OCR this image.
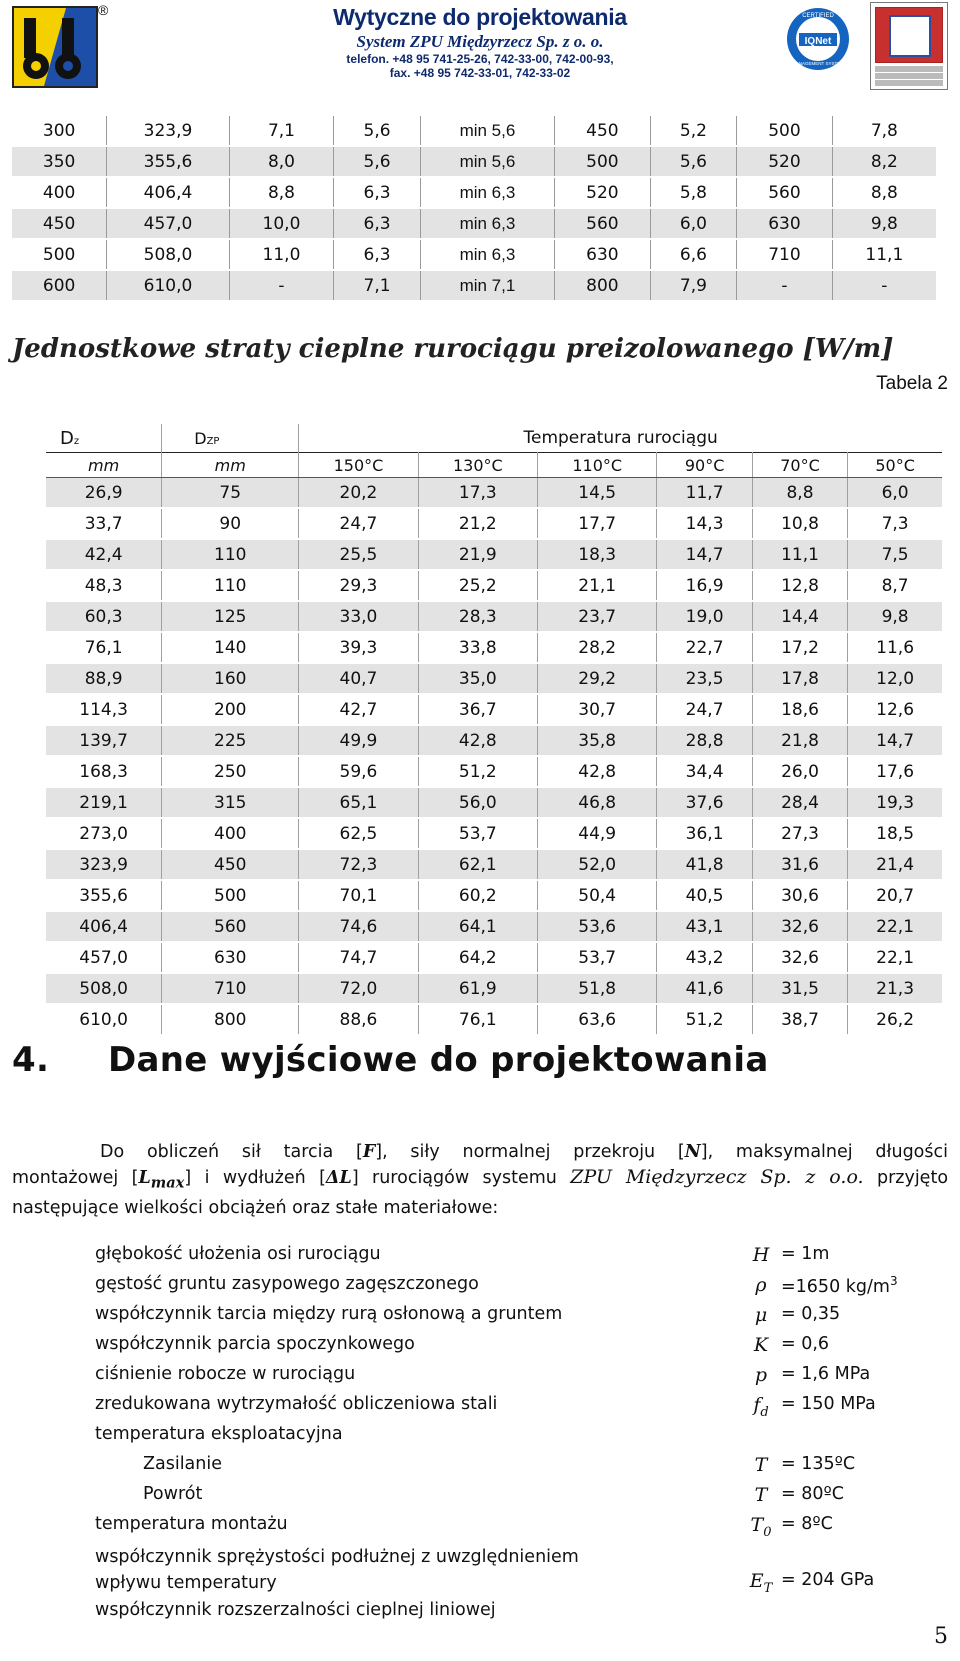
®	Wytyczne do projektowania
System ZPU Międzyrzecz Sp. z o. o.
telefon. +48 95 741-25-26, 742-33-00, 742-00-93,
fax. +48 95 742-33-01, 742-33-02
IQNet
CERTIFIED
MANAGEMENT SYSTEM
300	323,9	7,1	5,6	min 5,6	450	5,2	500	7,8
350	355,6	8,0	5,6	min 5,6	500	5,6	520	8,2
400	406,4	8,8	6,3	min 6,3	520	5,8	560	8,8
450	457,0	10,0	6,3	min 6,3	560	6,0	630	9,8
500	508,0	11,0	6,3	min 6,3	630	6,6	710	11,1
600	610,0	-	7,1	min 7,1	800	7,9	-	-
Jednostkowe straty cieplne rurociągu preizolowanego [W/m]
Tabela 2
Dz	DZP	Temperatura rurociągu					
mm	mm	150°C	130°C	110°C	90°C	70°C	50°C
26,9	75	20,2	17,3	14,5	11,7	8,8	6,0
33,7	90	24,7	21,2	17,7	14,3	10,8	7,3
42,4	110	25,5	21,9	18,3	14,7	11,1	7,5
48,3	110	29,3	25,2	21,1	16,9	12,8	8,7
60,3	125	33,0	28,3	23,7	19,0	14,4	9,8
76,1	140	39,3	33,8	28,2	22,7	17,2	11,6
88,9	160	40,7	35,0	29,2	23,5	17,8	12,0
114,3	200	42,7	36,7	30,7	24,7	18,6	12,6
139,7	225	49,9	42,8	35,8	28,8	21,8	14,7
168,3	250	59,6	51,2	42,8	34,4	26,0	17,6
219,1	315	65,1	56,0	46,8	37,6	28,4	19,3
273,0	400	62,5	53,7	44,9	36,1	27,3	18,5
323,9	450	72,3	62,1	52,0	41,8	31,6	21,4
355,6	500	70,1	60,2	50,4	40,5	30,6	20,7
406,4	560	74,6	64,1	53,6	43,1	32,6	22,1
457,0	630	74,7	64,2	53,7	43,2	32,6	22,1
508,0	710	72,0	61,9	51,8	41,6	31,5	21,3
610,0	800	88,6	76,1	63,6	51,2	38,7	26,2
4. Dane wyjściowe do projektowania
Do obliczeń sił tarcia [F], siły normalnej przekroju [N], maksymalnej długości
montażowej $[L_{max}]$ i wydłużeń [ΔL] rurociągów systemu ZPU Międzyrzecz Sp. z o.o. przyjęto następujące wielkości obciążeń oraz stałe materiałowe:
głębokość ułożenia osi rurociągu	H = 1m
gęstość gruntu zasypowego zagęszczonego	ρ =1650 $kg/m^3$
współczynnik tarcia między rurą osłonową a gruntem	μ = 0,35
współczynnik parcia spoczynkowego	K = 0,6
ciśnienie robocze w rurociągu	p = 1,6 MPa
zredukowana wytrzymałość obliczeniowa stali	$f_d = 150$ MPa
temperatura eksploatacyjna
Zasilanie	T = 135ºC
Powrót	T = 80ºC
temperatura montażu	$T_0$ = 8ºC
współczynnik sprężystości podłużnej z uwzględnieniem
wpływu temperatury	$E_T = 204$ GPa
współczynnik rozszerzalności cieplnej liniowej
5
